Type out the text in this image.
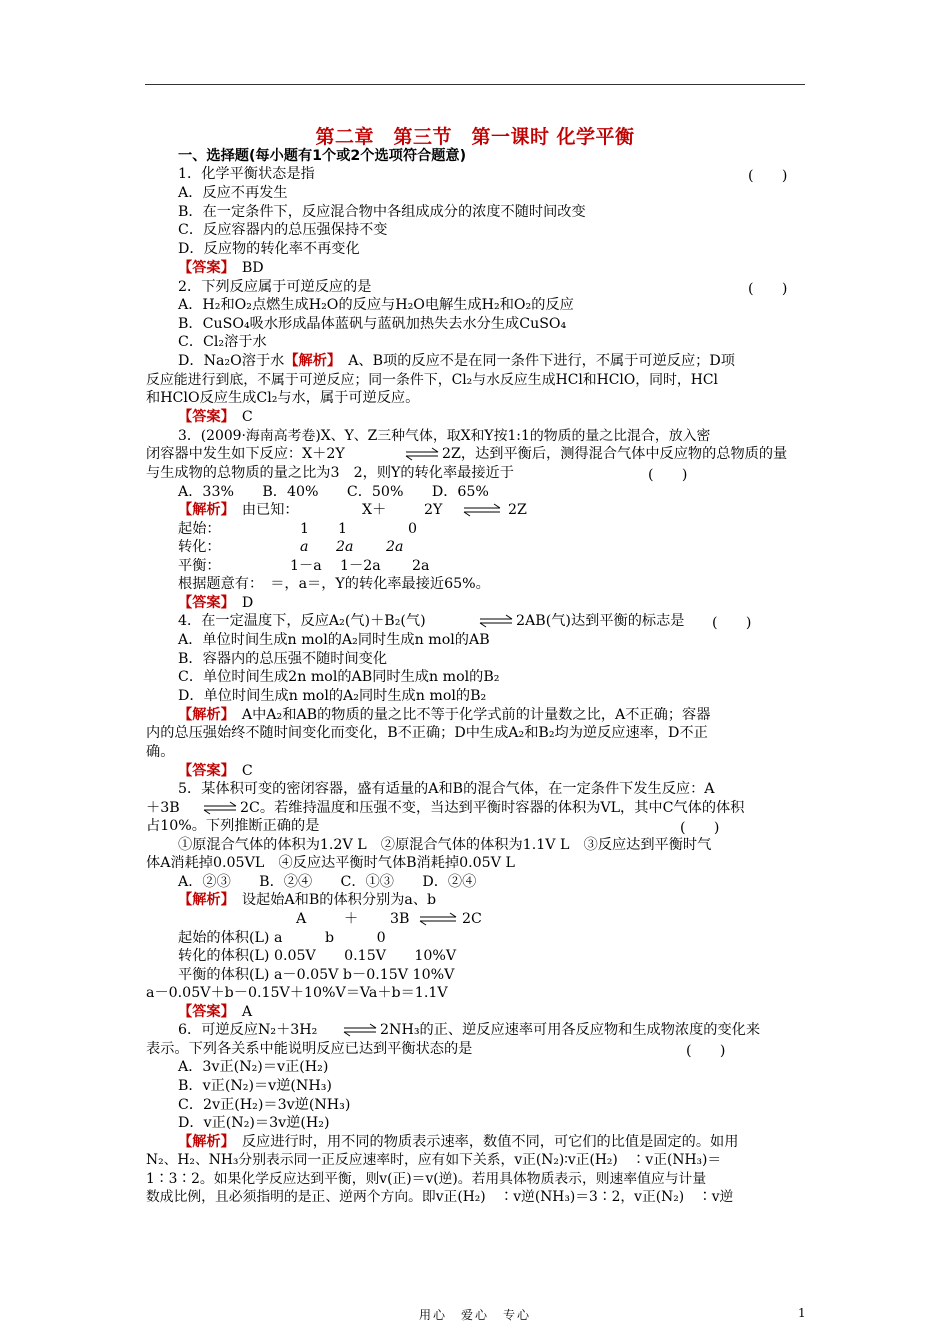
第二章　第三节　第一课时 化学平衡
一、选择题(每小题有1个或2个选项符合题意)
1．化学平衡状态是指	(　　)
A．反应不再发生
B．在一定条件下，反应混合物中各组成成分的浓度不随时间改变
C．反应容器内的总压强保持不变
D．反应物的转化率不再变化
【答案】　 BD
2．下列反应属于可逆反应的是	(　　)
A．H₂和O₂点燃生成H₂O的反应与H₂O电解生成H₂和O₂的反应
B．CuSO₄吸水形成晶体蓝矾与蓝矾加热失去水分生成CuSO₄
C．Cl₂溶于水
D．Na₂O溶于水【解析】　 A、B项的反应不是在同一条件下进行，不属于可逆反应；D项
反应能进行到底，不属于可逆反应；同一条件下，Cl₂与水反应生成HCl和HClO，同时，HCl
和HClO反应生成Cl₂与水，属于可逆反应。
【答案】　 C
3．(2009·海南高考卷)X、Y、Z三种气体，取X和Y按1:1的物质的量之比混合，放入密
闭容器中发生如下反应：X＋2Y	2Z，达到平衡后，测得混合气体中反应物的总物质的量
与生成物的总物质的量之比为3　2，则Y的转化率最接近于	(　　)
A．33%　　B．40%　　C．50%　　D．65%
【解析】　 由已知：	X＋	2Y	2Z
起始：	1 1	0
转化：	a 2a 2a
平衡：	1－a 1－2a 2a
根据题意有：　＝，a＝，Y的转化率最接近65%。
【答案】　 D
4．在一定温度下，反应A₂(气)＋B₂(气)	2AB(气)达到平衡的标志是 (　　)
A．单位时间生成n mol的A₂同时生成n mol的AB
B．容器内的总压强不随时间变化
C．单位时间生成2n mol的AB同时生成n mol的B₂
D．单位时间生成n mol的A₂同时生成n mol的B₂
【解析】　 A中A₂和AB的物质的量之比不等于化学式前的计量数之比，A不正确；容器
内的总压强始终不随时间变化而变化，B不正确；D中生成A₂和B₂均为逆反应速率，D不正
确。
【答案】　 C
5．某体积可变的密闭容器，盛有适量的A和B的混合气体，在一定条件下发生反应：A
＋3B	2C。若维持温度和压强不变，当达到平衡时容器的体积为VL，其中C气体的体积
占10%。下列推断正确的是	(　　)
①原混合气体的体积为1.2V L　②原混合气体的体积为1.1V L　③反应达到平衡时气
体A消耗掉0.05VL　④反应达平衡时气体B消耗掉0.05V L
A．②③　　B．②④　　C．①③　　D．②④
【解析】　 设起始A和B的体积分别为a、b
A	＋ 3B	2C
起始的体积(L) a　　　b　　　0
转化的体积(L) 0.05V　　0.15V　　10%V
平衡的体积(L) a－0.05V b－0.15V 10%V
a－0.05V＋b－0.15V＋10%V＝Va＋b＝1.1V
【答案】　 A
6．可逆反应N₂＋3H₂	2NH₃的正、逆反应速率可用各反应物和生成物浓度的变化来
表示。下列各关系中能说明反应已达到平衡状态的是	(　　)
A．3v正(N₂)＝v正(H₂)
B．v正(N₂)＝v逆(NH₃)
C．2v正(H₂)＝3v逆(NH₃)
D．v正(N₂)＝3v逆(H₂)
【解析】　 反应进行时，用不同的物质表示速率，数值不同，可它们的比值是固定的。如用
N₂、H₂、NH₃分别表示同一正反应速率时，应有如下关系，v正(N₂)∶v正(H₂)　∶v正(NH₃)＝
1∶3∶2。如果化学反应达到平衡，则v(正)＝v(逆)。若用具体物质表示，则速率值应与计量
数成比例，且必须指明的是正、逆两个方向。即v正(H₂)　∶v逆(NH₃)＝3∶2，v正(N₂)　∶v逆
用心　爱心　专心	1
